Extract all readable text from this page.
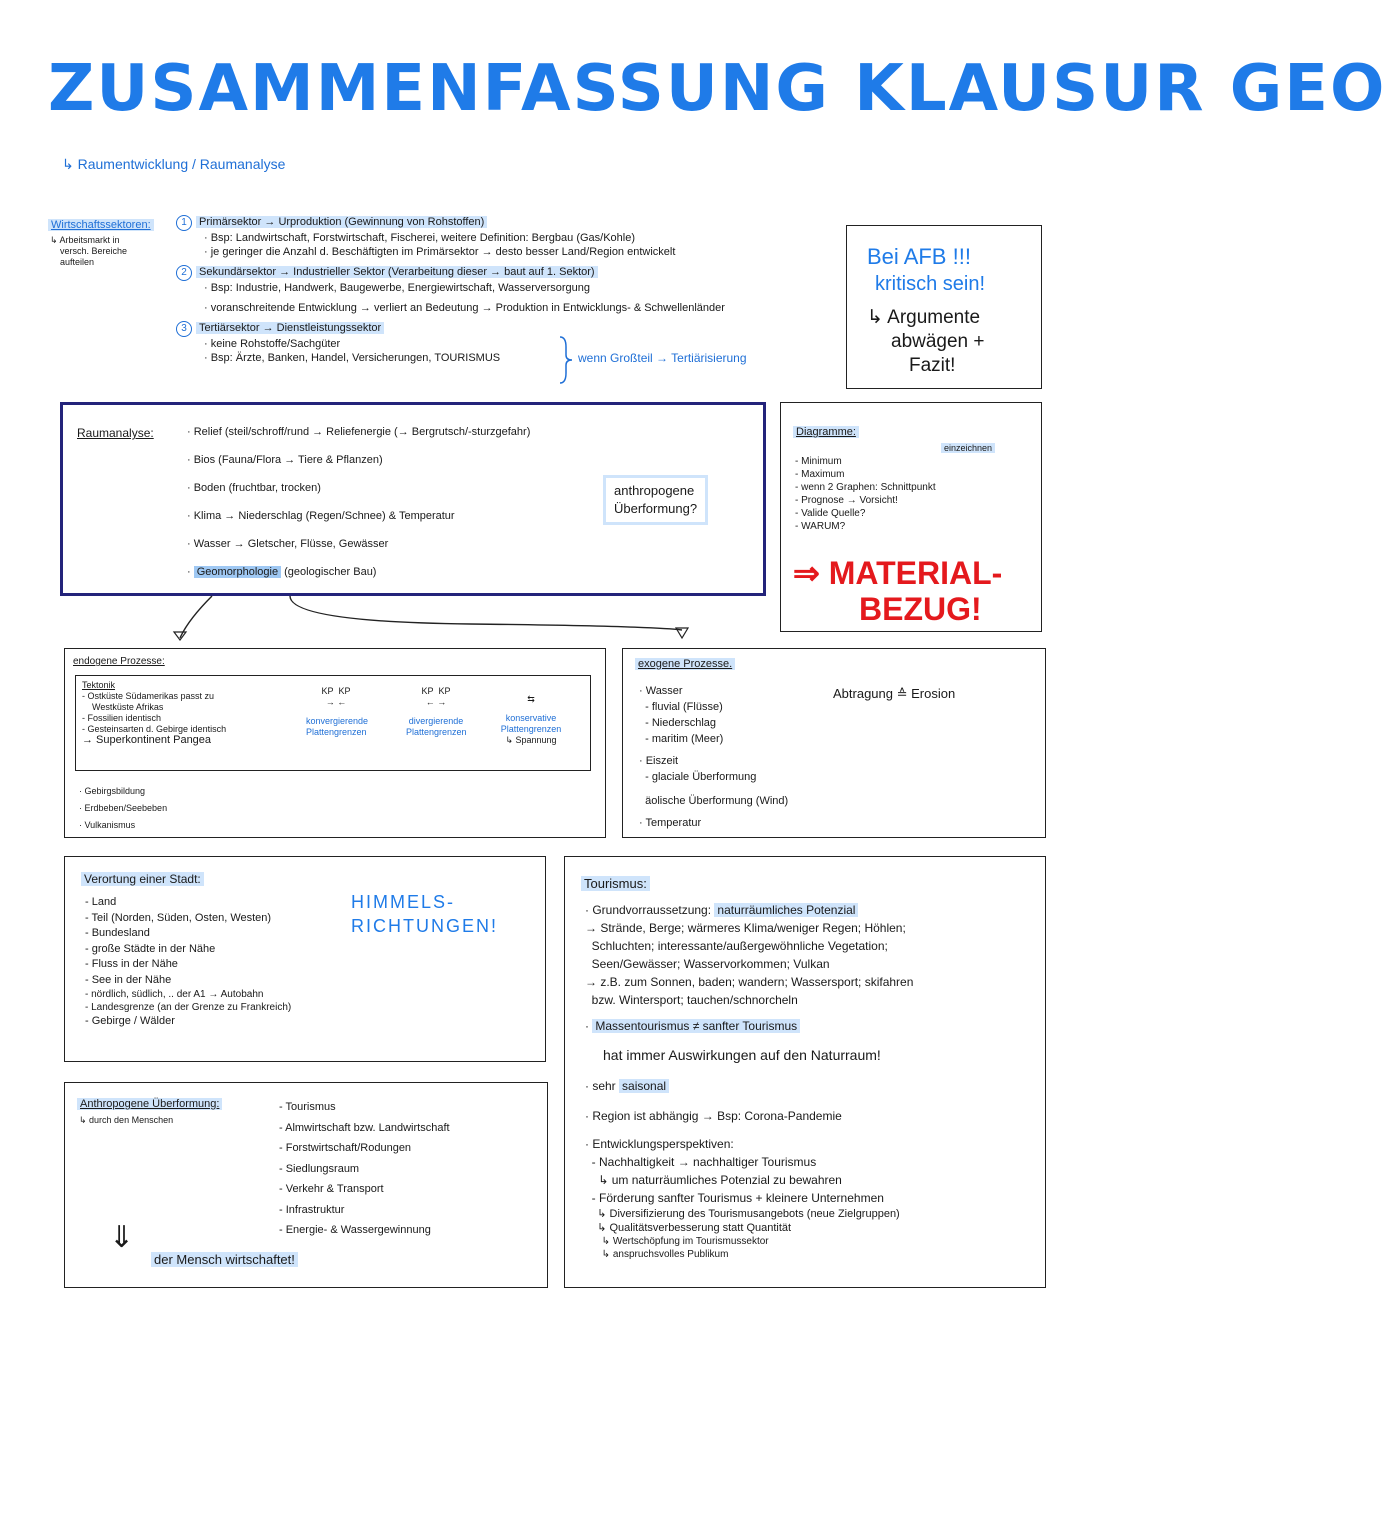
ZUSAMMENFASSUNG KLAUSUR GEO
↳ Raumentwicklung / Raumanalyse
Wirtschaftssektoren:
↳ Arbeitsmarkt in
versch. Bereiche
aufteilen
1 Primärsektor → Urproduktion (Gewinnung von Rohstoffen)
· Bsp: Landwirtschaft, Forstwirtschaft, Fischerei, weitere Definition: Bergbau (Gas/Kohle)
· je geringer die Anzahl d. Beschäftigten im Primärsektor → desto besser Land/Region entwickelt
2 Sekundärsektor → Industrieller Sektor (Verarbeitung dieser → baut auf 1. Sektor)
· Bsp: Industrie, Handwerk, Baugewerbe, Energiewirtschaft, Wasserversorgung
· voranschreitende Entwicklung → verliert an Bedeutung → Produktion in Entwicklungs- & Schwellenländer
3 Tertiärsektor → Dienstleistungssektor
· keine Rohstoffe/Sachgüter
· Bsp: Ärzte, Banken, Handel, Versicherungen, TOURISMUS	wenn Großteil → Tertiärisierung
Bei AFB !!!
kritisch sein!
↳ Argumente
abwägen +
Fazit!
Raumanalyse:	· Relief (steil/schroff/rund → Reliefenergie (→ Bergrutsch/-sturzgefahr)
· Bios (Fauna/Flora → Tiere & Pflanzen)
· Boden (fruchtbar, trocken)
· Klima → Niederschlag (Regen/Schnee) & Temperatur
· Wasser → Gletscher, Flüsse, Gewässer
· Geomorphologie (geologischer Bau)
anthropogene
Überformung?
Diagramme:
einzeichnen
- Minimum
- Maximum
- wenn 2 Graphen: Schnittpunkt
- Prognose → Vorsicht!
- Valide Quelle?
- WARUM?
⇒ MATERIAL-
BEZUG!
endogene Prozesse:
Tektonik
- Ostküste Südamerikas passt zu
Westküste Afrikas
- Fossilien identisch
- Gesteinsarten d. Gebirge identisch
→ Superkontinent Pangea
KP KP
→ ←
konvergierende
Plattengrenzen
KP KP
← →
divergierende
Plattengrenzen
⇆
konservative
Plattengrenzen
↳ Spannung
· Gebirgsbildung
· Erdbeben/Seebeben
· Vulkanismus
exogene Prozesse.
Abtragung ≙ Erosion
· Wasser
- fluvial (Flüsse)
- Niederschlag
- maritim (Meer)
· Eiszeit
- glaciale Überformung
äolische Überformung (Wind)
· Temperatur
Verortung einer Stadt:
- Land
- Teil (Norden, Süden, Osten, Westen)
- Bundesland
- große Städte in der Nähe
- Fluss in der Nähe
- See in der Nähe
- nördlich, südlich, .. der A1 → Autobahn
- Landesgrenze (an der Grenze zu Frankreich)
- Gebirge / Wälder
HIMMELS-
RICHTUNGEN!
Tourismus:
· Grundvorraussetzung: naturräumliches Potenzial
→ Strände, Berge; wärmeres Klima/weniger Regen; Höhlen;
Schluchten; interessante/außergewöhnliche Vegetation;
Seen/Gewässer; Wasservorkommen; Vulkan
→ z.B. zum Sonnen, baden; wandern; Wassersport; skifahren
bzw. Wintersport; tauchen/schnorcheln
· Massentourismus ≠ sanfter Tourismus
hat immer Auswirkungen auf den Naturraum!
· sehr saisonal
· Region ist abhängig → Bsp: Corona-Pandemie
· Entwicklungsperspektiven:
- Nachhaltigkeit → nachhaltiger Tourismus
↳ um naturräumliches Potenzial zu bewahren
- Förderung sanfter Tourismus + kleinere Unternehmen
↳ Diversifizierung des Tourismusangebots (neue Zielgruppen)
↳ Qualitätsverbesserung statt Quantität
↳ Wertschöpfung im Tourismussektor
↳ anspruchsvolles Publikum
Anthropogene Überformung:
↳ durch den Menschen
- Tourismus
- Almwirtschaft bzw. Landwirtschaft
- Forstwirtschaft/Rodungen
- Siedlungsraum
- Verkehr & Transport
- Infrastruktur
- Energie- & Wassergewinnung
⇓
der Mensch wirtschaftet!
